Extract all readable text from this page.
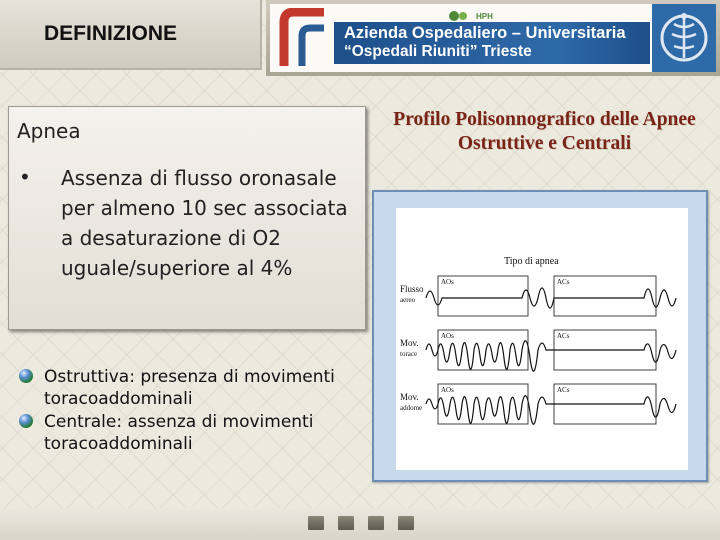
DEFINIZIONE
HPH
Azienda Ospedaliero – Universitaria
“Ospedali Riuniti” Trieste
Apnea
• Assenza di flusso oronasale per almeno 10 sec associata a desaturazione di O2 uguale/superiore al 4%
Ostruttiva: presenza di movimenti toracoaddominali
Centrale: assenza di movimenti toracoaddominali
Profilo Polisonnografico delle Apnee Ostruttive e Centrali
Tipo di apnea
Flusso
aereo
Mov.
torace
Mov.
addome
AOs
AOs
AOs
ACs
ACs
ACs
